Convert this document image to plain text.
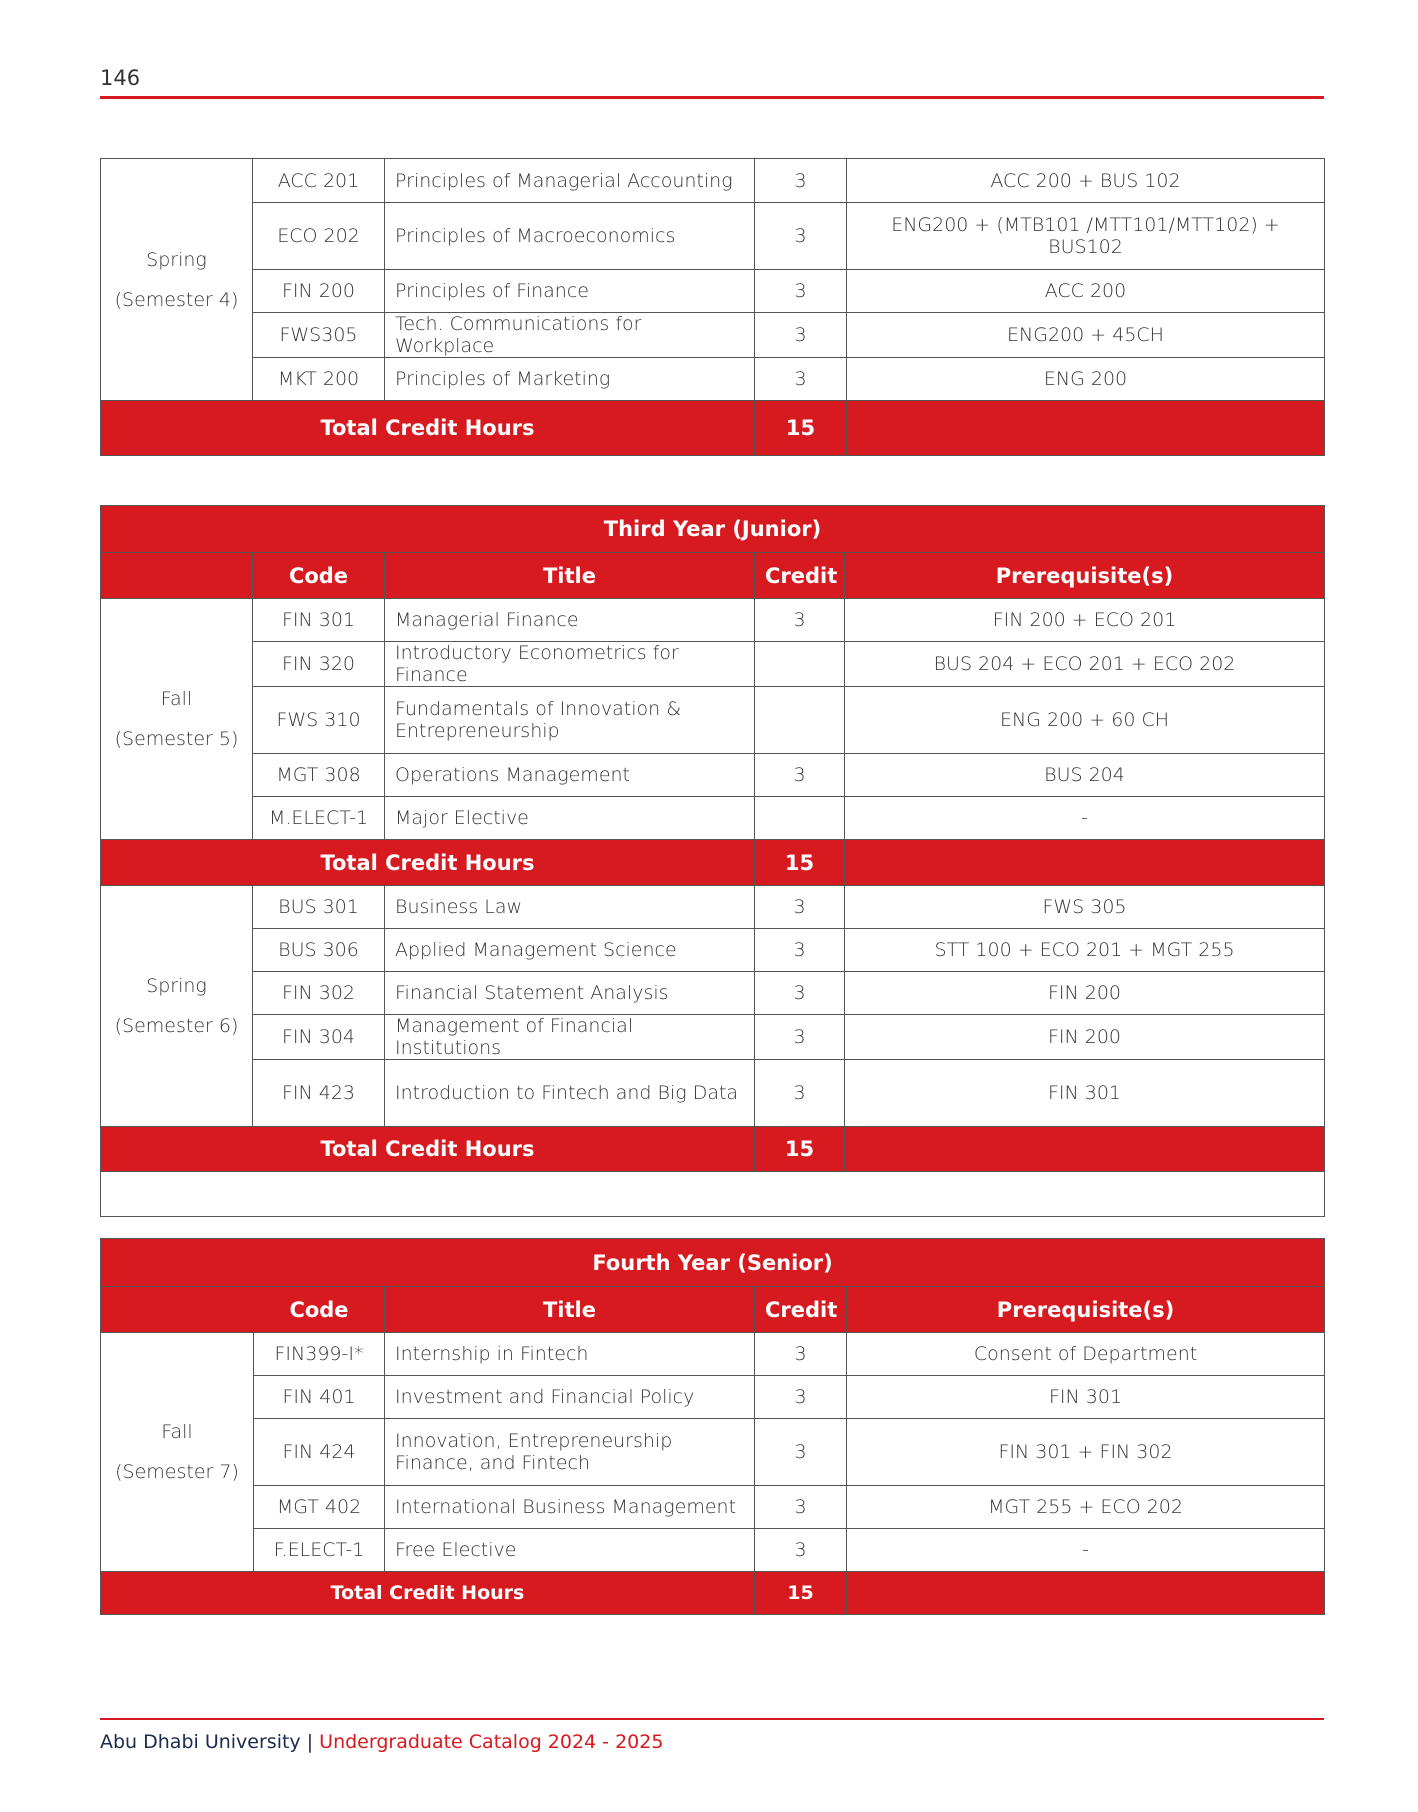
146
Spring
(Semester 4)	ACC 201	Principles of Managerial Accounting	3	ACC 200 + BUS 102
	ECO 202	Principles of Macroeconomics	3	ENG200 + (MTB101 /MTT101/MTT102) + BUS102
	FIN 200	Principles of Finance	3	ACC 200
	FWS305	Tech. Communications for Workplace	3	ENG200 + 45CH
	MKT 200	Principles of Marketing	3	ENG 200
Total Credit Hours			15	
Third Year (Junior)				
	Code	Title	Credit	Prerequisite(s)

Fall
(Semester 5)	FIN 301	Managerial Finance	3	FIN 200 + ECO 201
	FIN 320	Introductory Econometrics for Finance		BUS 204 + ECO 201 + ECO 202
	FWS 310	Fundamentals of Innovation & Entrepreneurship		ENG 200 + 60 CH
	MGT 308	Operations Management	3	BUS 204
	M.ELECT-1	Major Elective		-
Total Credit Hours			15	

Spring
(Semester 6)	BUS 301	Business Law	3	FWS 305
	BUS 306	Applied Management Science	3	STT 100 + ECO 201 + MGT 255
	FIN 302	Financial Statement Analysis	3	FIN 200
	FIN 304	Management of Financial Institutions	3	FIN 200
	FIN 423	Introduction to Fintech and Big Data	3	FIN 301
Total Credit Hours			15	

Fourth Year (Senior)				
	Code	Title	Credit	Prerequisite(s)

Fall
(Semester 7)	FIN399-I*	Internship in Fintech	3	Consent of Department
	FIN 401	Investment and Financial Policy	3	FIN 301
	FIN 424	Innovation, Entrepreneurship Finance, and Fintech	3	FIN 301 + FIN 302
	MGT 402	International Business Management	3	MGT 255 + ECO 202
	F.ELECT-1	Free Elective	3	-
Total Credit Hours			15	
Abu Dhabi University | Undergraduate Catalog 2024 - 2025
